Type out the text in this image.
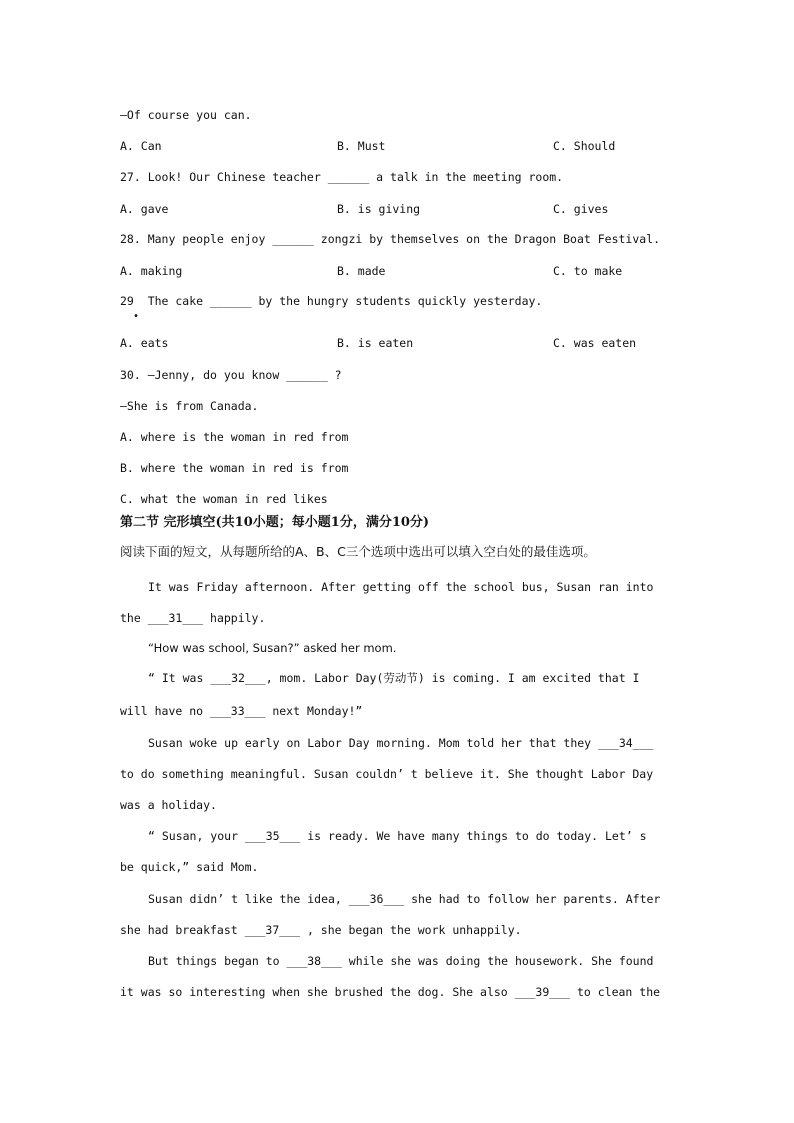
—Of course you can.
A. Can	B. Must	C. Should
27. Look! Our Chinese teacher ______ a talk in the meeting room.
A. gave	B. is giving	C. gives
28. Many people enjoy ______ zongzi by themselves on the Dragon Boat Festival.
A. making	B. made	C. to make
29  The cake ______ by the hungry students quickly yesterday.
•
A. eats	B. is eaten	C. was eaten
30. —Jenny, do you know ______ ?
—She is from Canada.
A. where is the woman in red from
B. where the woman in red is from
C. what the woman in red likes
第二节 完形填空(共10小题；每小题1分，满分10分)
阅读下面的短文，从每题所给的A、B、C三个选项中选出可以填入空白处的最佳选项。
It was Friday afternoon. After getting off the school bus, Susan ran into
the ___31___ happily.
“How was school, Susan?” asked her mom.
“ It was ___32___, mom. Labor Day(劳动节) is coming. I am excited that I
will have no ___33___ next Monday!”
Susan woke up early on Labor Day morning. Mom told her that they ___34___
to do something meaningful. Susan couldn’ t believe it. She thought Labor Day
was a holiday.
“ Susan, your ___35___ is ready. We have many things to do today. Let’ s
be quick,” said Mom.
Susan didn’ t like the idea, ___36___ she had to follow her parents. After
she had breakfast ___37___ , she began the work unhappily.
But things began to ___38___ while she was doing the housework. She found
it was so interesting when she brushed the dog. She also ___39___ to clean the
